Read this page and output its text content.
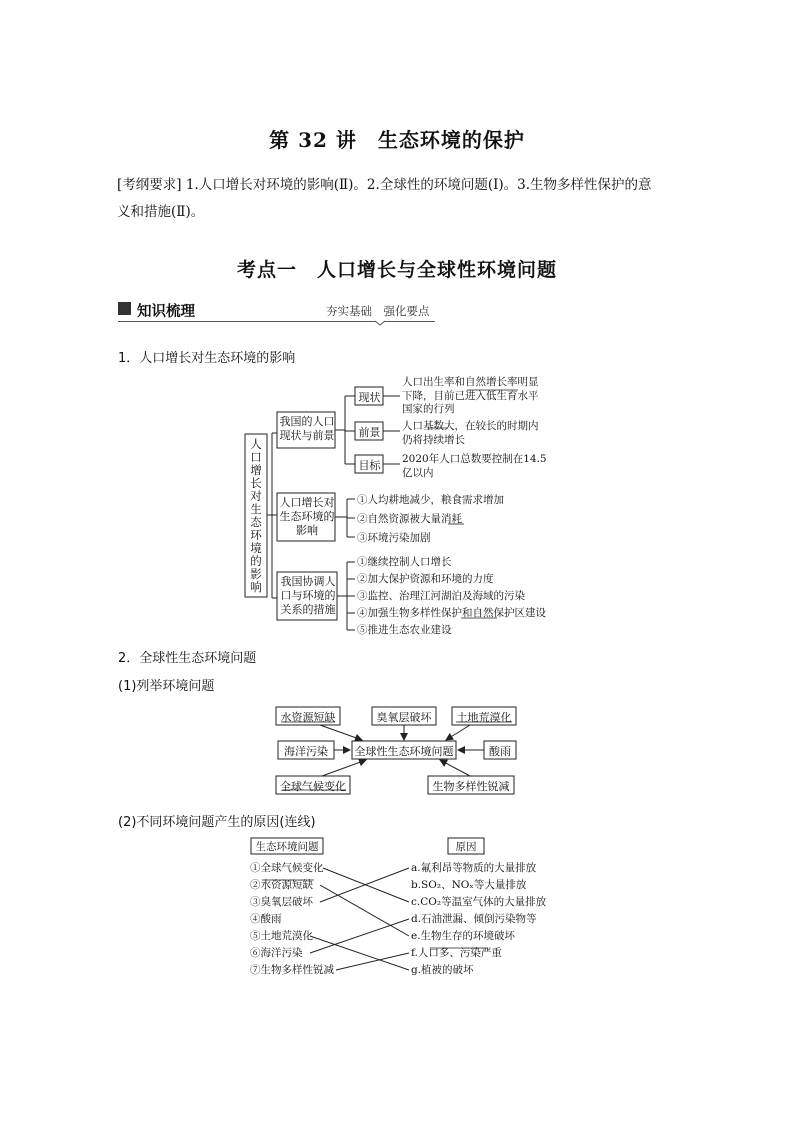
第 32 讲　生态环境的保护
[考纲要求] 1.人口增长对环境的影响(Ⅱ)。2.全球性的环境问题(Ⅰ)。3.生物多样性保护的意
义和措施(Ⅱ)。
考点一　人口增长与全球性环境问题
知识梳理	夯实基础　强化要点
1．人口增长对生态环境的影响
人
口
增
长
对
生
态
环
境
的
影
响
我国的人口
现状与前景
现状
前景
目标
人口出生率和自然增长率明显
下降，目前已进入低生育水平
国家的行列
人口基数大，在较长的时期内
仍将持续增长
2020年人口总数要控制在14.5
亿以内
人口增长对
生态环境的
影响
①人均耕地减少，粮食需求增加
②自然资源被大量消耗
③环境污染加剧
我国协调人
口与环境的
关系的措施
①继续控制人口增长
②加大保护资源和环境的力度
③监控、治理江河湖泊及海域的污染
④加强生物多样性保护和自然保护区建设
⑤推进生态农业建设
2．全球性生态环境问题
(1)列举环境问题
水资源短缺	臭氧层破坏	土地荒漠化
海洋污染	全球性生态环境问题	酸雨
全球气候变化	生物多样性锐减
(2)不同环境问题产生的原因(连线)
生态环境问题	原因
①全球气候变化
②水资源短缺
③臭氧层破坏
④酸雨
⑤土地荒漠化
⑥海洋污染
⑦生物多样性锐减
a.氟利昂等物质的大量排放
b.SO₂、NOₓ等大量排放
c.CO₂等温室气体的大量排放
d.石油泄漏、倾倒污染物等
e.生物生存的环境破坏
f.人口多、污染严重
g.植被的破坏
